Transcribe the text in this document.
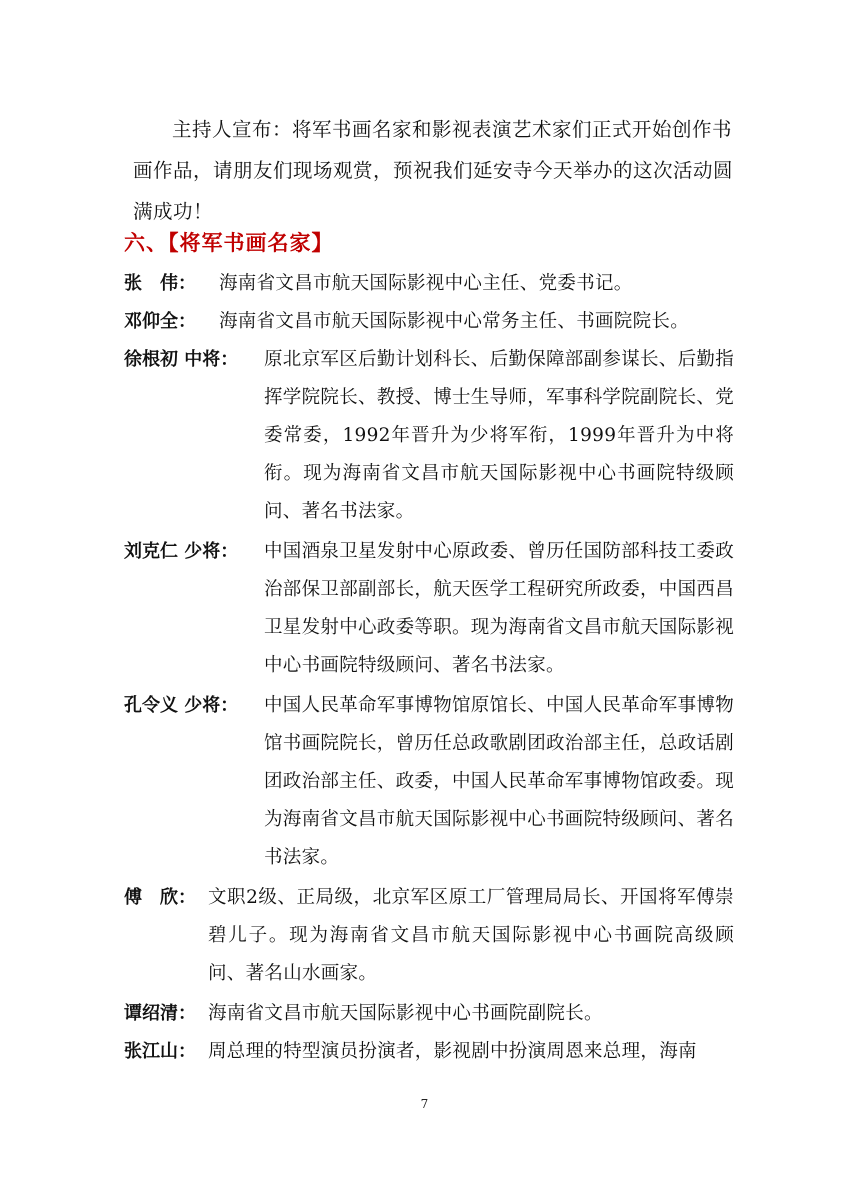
主持人宣布：将军书画名家和影视表演艺术家们正式开始创作书画作品，请朋友们现场观赏，预祝我们延安寺今天举办的这次活动圆满成功！

六、【将军书画名家】
张　伟： 海南省文昌市航天国际影视中心主任、党委书记。

邓仰全： 海南省文昌市航天国际影视中心常务主任、书画院院长。

徐根初 中将： 原北京军区后勤计划科长、后勤保障部副参谋长、后勤指挥学院院长、教授、博士生导师，军事科学院副院长、党委常委，1992年晋升为少将军衔，1999年晋升为中将衔。现为海南省文昌市航天国际影视中心书画院特级顾问、著名书法家。

刘克仁 少将： 中国酒泉卫星发射中心原政委、曾历任国防部科技工委政治部保卫部副部长，航天医学工程研究所政委，中国西昌卫星发射中心政委等职。现为海南省文昌市航天国际影视中心书画院特级顾问、著名书法家。

孔令义 少将： 中国人民革命军事博物馆原馆长、中国人民革命军事博物馆书画院院长，曾历任总政歌剧团政治部主任，总政话剧团政治部主任、政委，中国人民革命军事博物馆政委。现为海南省文昌市航天国际影视中心书画院特级顾问、著名书法家。

傅　欣： 文职2级、正局级，北京军区原工厂管理局局长、开国将军傅崇碧儿子。现为海南省文昌市航天国际影视中心书画院高级顾问、著名山水画家。

谭绍清： 海南省文昌市航天国际影视中心书画院副院长。

张江山： 周总理的特型演员扮演者，影视剧中扮演周恩来总理，海南

7
